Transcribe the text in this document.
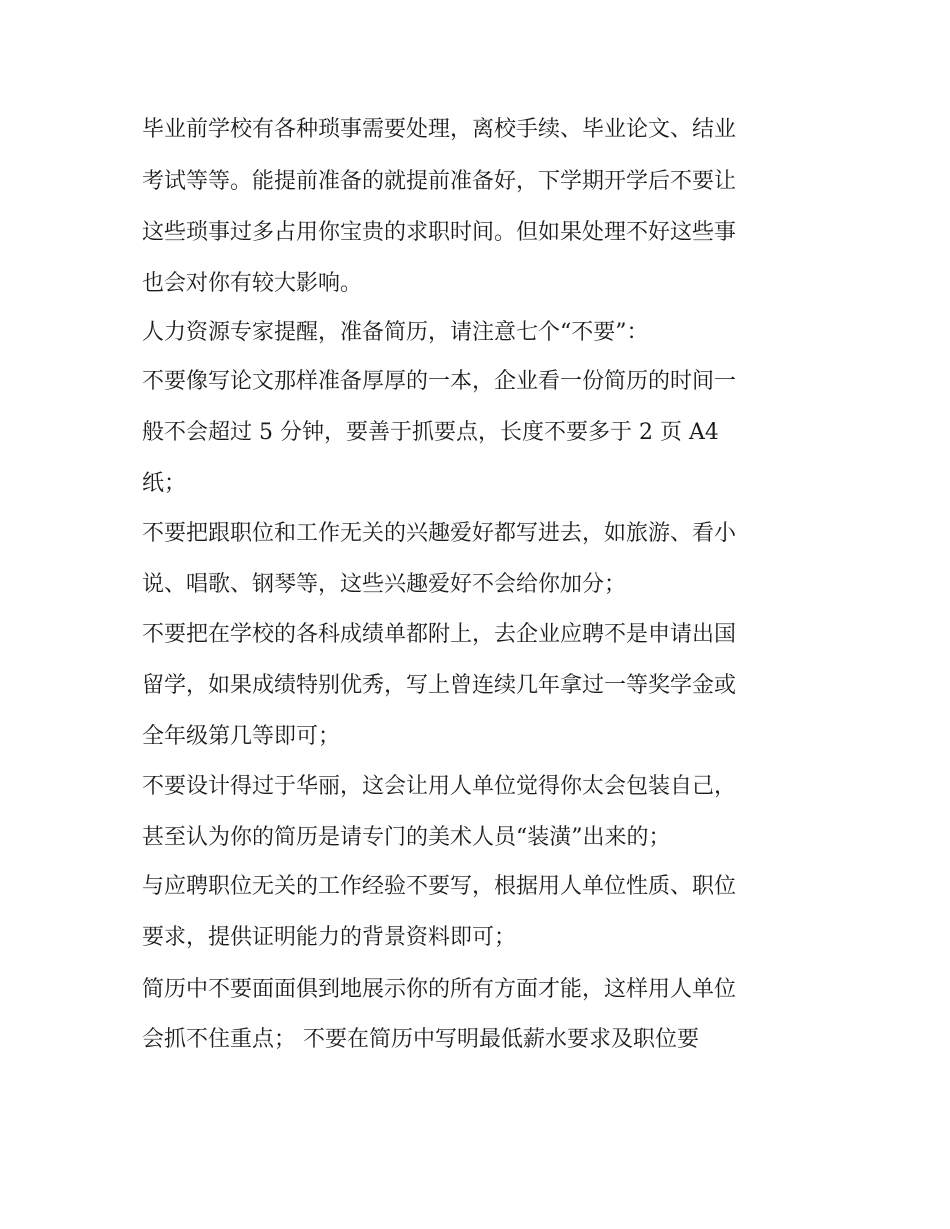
毕业前学校有各种琐事需要处理，离校手续、毕业论文、结业
考试等等。能提前准备的就提前准备好，下学期开学后不要让
这些琐事过多占用你宝贵的求职时间。但如果处理不好这些事
也会对你有较大影响。
人力资源专家提醒，准备简历，请注意七个“不要”：
不要像写论文那样准备厚厚的一本，企业看一份简历的时间一
般不会超过 5 分钟，要善于抓要点，长度不要多于 2 页 A4
纸；
不要把跟职位和工作无关的兴趣爱好都写进去，如旅游、看小
说、唱歌、钢琴等，这些兴趣爱好不会给你加分；
不要把在学校的各科成绩单都附上，去企业应聘不是申请出国
留学，如果成绩特别优秀，写上曾连续几年拿过一等奖学金或
全年级第几等即可；
不要设计得过于华丽，这会让用人单位觉得你太会包装自己，
甚至认为你的简历是请专门的美术人员“装潢”出来的；
与应聘职位无关的工作经验不要写，根据用人单位性质、职位
要求，提供证明能力的背景资料即可；
简历中不要面面俱到地展示你的所有方面才能，这样用人单位
会抓不住重点； 不要在简历中写明最低薪水要求及职位要
